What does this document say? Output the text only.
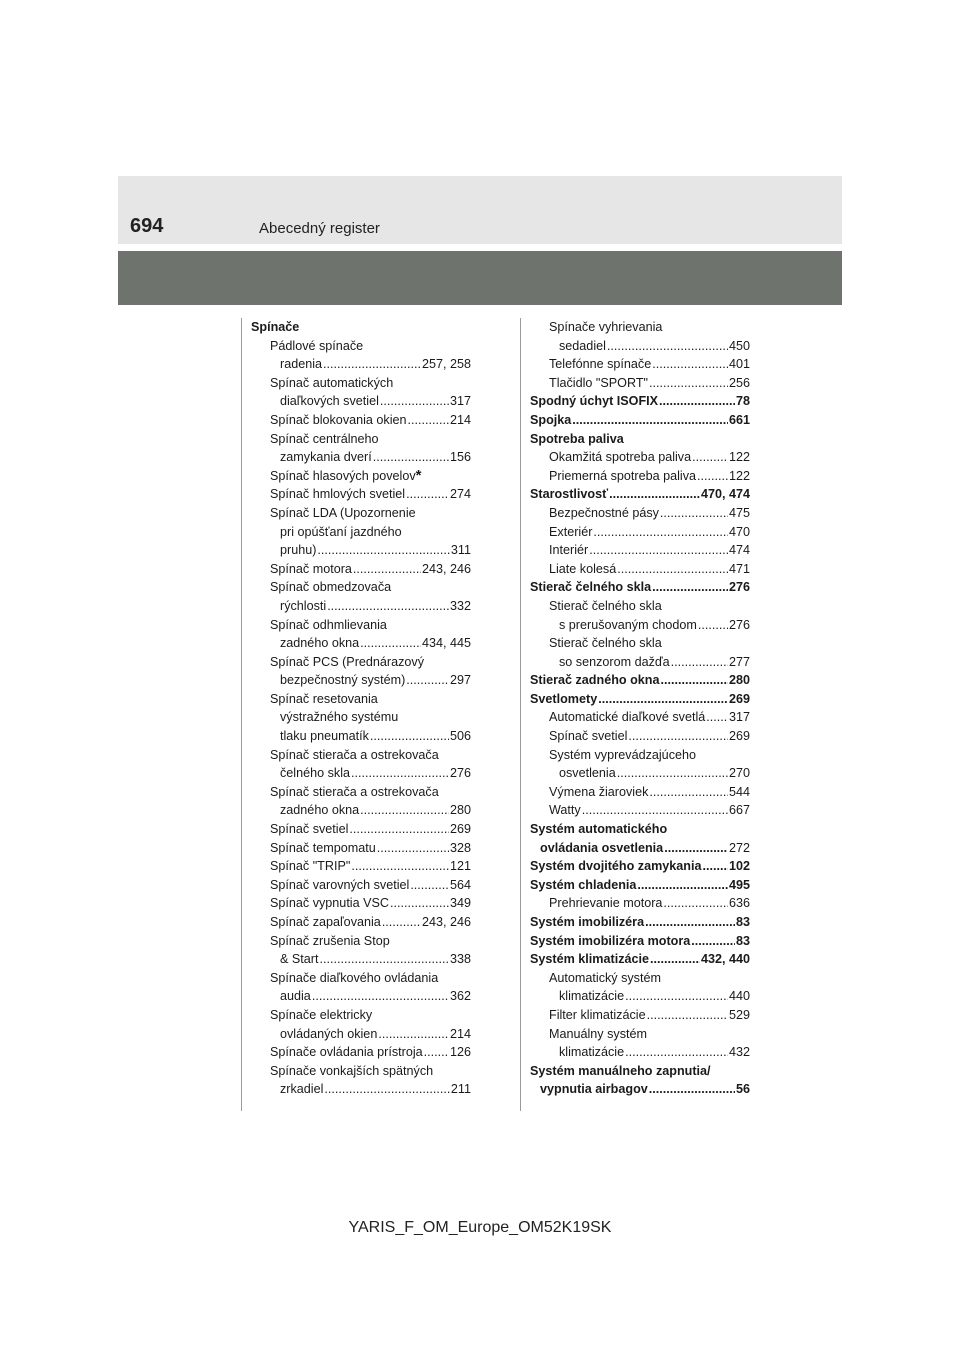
694	Abecedný register
Spínače
Pádlové spínače
radenia .....	257, 258
Spínač automatických
diaľkových svetiel .....	317
Spínač blokovania okien .....	214
Spínač centrálneho
zamykania dverí .....	156
Spínač hlasových povelov *
Spínač hmlových svetiel .....	274
Spínač LDA (Upozornenie
pri opúšťaní jazdného
pruhu) .....	311
Spínač motora .....	243, 246
Spínač obmedzovača
rýchlosti .....	332
Spínač odhmlievania
zadného okna .....	434, 445
Spínač PCS (Prednárazový
bezpečnostný systém) .....	297
Spínač resetovania
výstražného systému
tlaku pneumatík .....	506
Spínač stierača a ostrekovača
čelného skla .....	276
Spínač stierača a ostrekovača
zadného okna .....	280
Spínač svetiel .....	269
Spínač tempomatu .....	328
Spínač "TRIP" .....	121
Spínač varovných svetiel .....	564
Spínač vypnutia VSC .....	349
Spínač zapaľovania .....	243, 246
Spínač zrušenia Stop
& Start .....	338
Spínače diaľkového ovládania
audia .....	362
Spínače elektricky
ovládaných okien .....	214
Spínače ovládania prístroja ..... 126
Spínače vonkajších spätných
zrkadiel .....	211
Spínače vyhrievania
sedadiel .....	450
Telefónne spínače .....	401
Tlačidlo "SPORT" .....	256
Spodný úchyt ISOFIX .....	78
Spojka .....	661
Spotreba paliva
Okamžitá spotreba paliva .....	122
Priemerná spotreba paliva .....	122
Starostlivosť .....	470, 474
Bezpečnostné pásy .....	475
Exteriér .....	470
Interiér .....	474
Liate kolesá .....	471
Stierač čelného skla .....	276
Stierač čelného skla
s prerušovaným chodom .....	276
Stierač čelného skla
so senzorom dažďa .....	277
Stierač zadného okna .....	280
Svetlomety .....	269
Automatické diaľkové svetlá ..... 317
Spínač svetiel .....	269
Systém vyprevádzajúceho
osvetlenia .....	270
Výmena žiaroviek .....	544
Watty .....	667
Systém automatického
ovládania osvetlenia .....	272
Systém dvojitého zamykania ..... 102
Systém chladenia .....	495
Prehrievanie motora .....	636
Systém imobilizéra .....	83
Systém imobilizéra motora .....	83
Systém klimatizácie .....	432, 440
Automatický systém
klimatizácie .....	440
Filter klimatizácie .....	529
Manuálny systém
klimatizácie .....	432
Systém manuálneho zapnutia/
vypnutia airbagov .....	56
YARIS_F_OM_Europe_OM52K19SK
